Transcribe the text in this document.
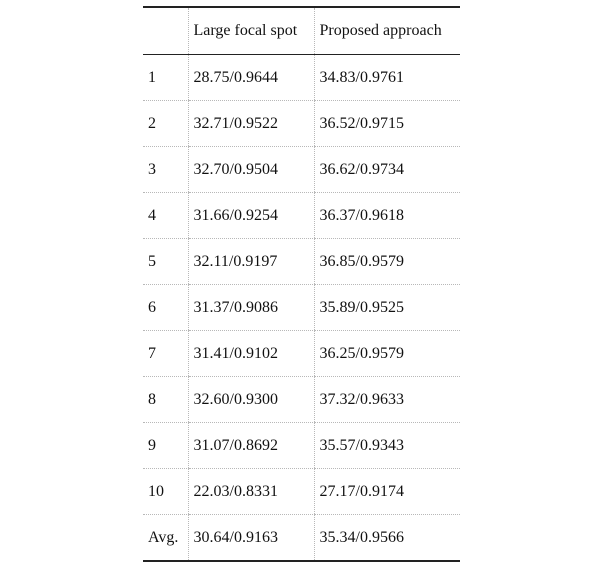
	Large focal spot	Proposed approach
1	28.75/0.9644	34.83/0.9761
2	32.71/0.9522	36.52/0.9715
3	32.70/0.9504	36.62/0.9734
4	31.66/0.9254	36.37/0.9618
5	32.11/0.9197	36.85/0.9579
6	31.37/0.9086	35.89/0.9525
7	31.41/0.9102	36.25/0.9579
8	32.60/0.9300	37.32/0.9633
9	31.07/0.8692	35.57/0.9343
10	22.03/0.8331	27.17/0.9174
Avg.	30.64/0.9163	35.34/0.9566
